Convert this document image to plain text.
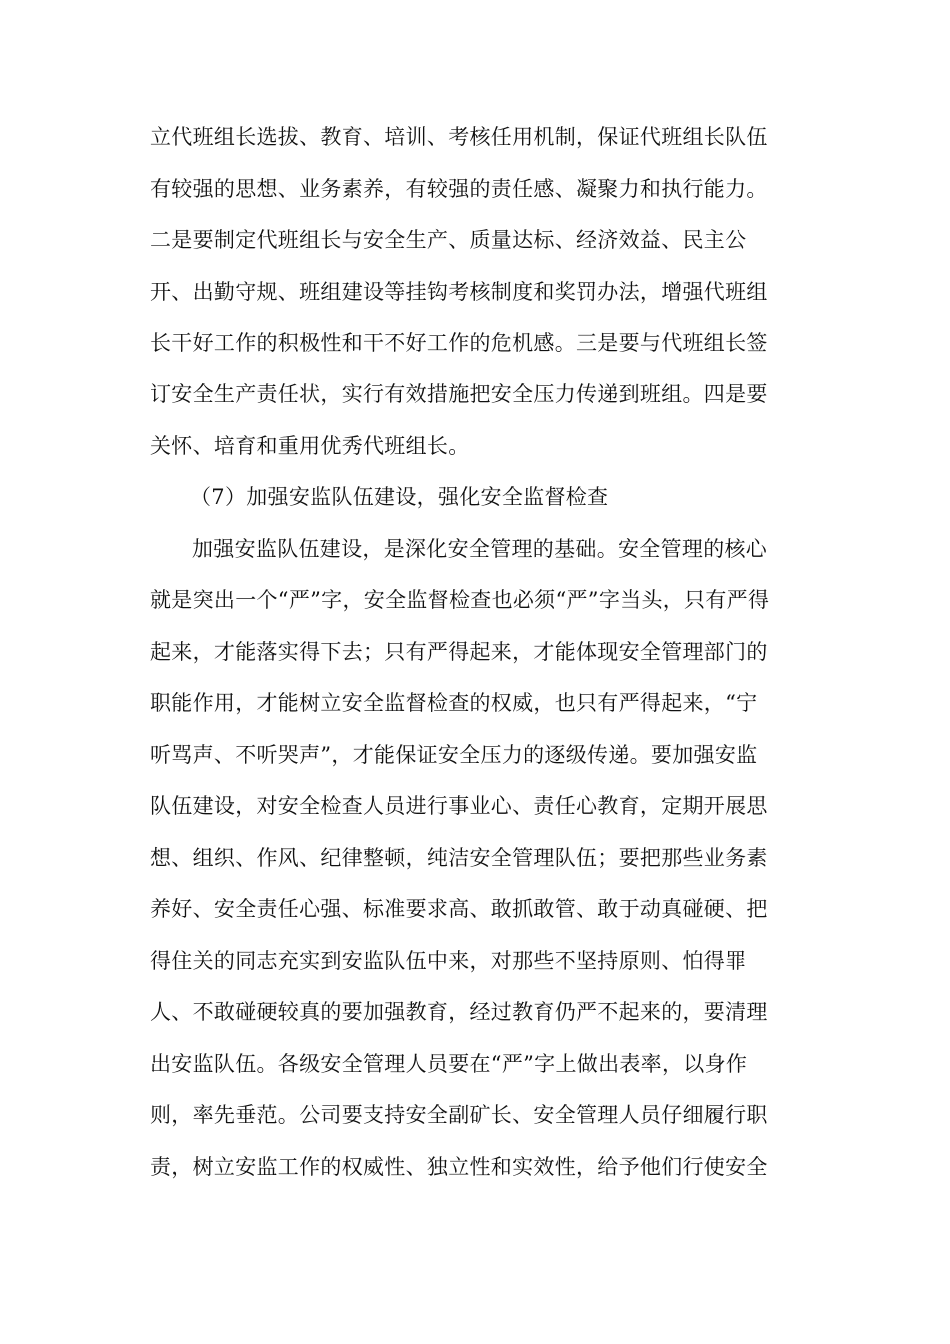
立代班组长选拔、教育、培训、考核任用机制，保证代班组长队伍
有较强的思想、业务素养，有较强的责任感、凝聚力和执行能力。
二是要制定代班组长与安全生产、质量达标、经济效益、民主公
开、出勤守规、班组建设等挂钩考核制度和奖罚办法，增强代班组
长干好工作的积极性和干不好工作的危机感。三是要与代班组长签
订安全生产责任状，实行有效措施把安全压力传递到班组。四是要
关怀、培育和重用优秀代班组长。
（7）加强安监队伍建设，强化安全监督检查
加强安监队伍建设，是深化安全管理的基础。安全管理的核心
就是突出一个“严”字，安全监督检查也必须“严”字当头，只有严得
起来，才能落实得下去；只有严得起来，才能体现安全管理部门的
职能作用，才能树立安全监督检查的权威，也只有严得起来，“宁
听骂声、不听哭声”，才能保证安全压力的逐级传递。要加强安监
队伍建设，对安全检查人员进行事业心、责任心教育，定期开展思
想、组织、作风、纪律整顿，纯洁安全管理队伍；要把那些业务素
养好、安全责任心强、标准要求高、敢抓敢管、敢于动真碰硬、把
得住关的同志充实到安监队伍中来，对那些不坚持原则、怕得罪
人、不敢碰硬较真的要加强教育，经过教育仍严不起来的，要清理
出安监队伍。各级安全管理人员要在“严”字上做出表率，以身作
则，率先垂范。公司要支持安全副矿长、安全管理人员仔细履行职
责，树立安监工作的权威性、独立性和实效性，给予他们行使安全
